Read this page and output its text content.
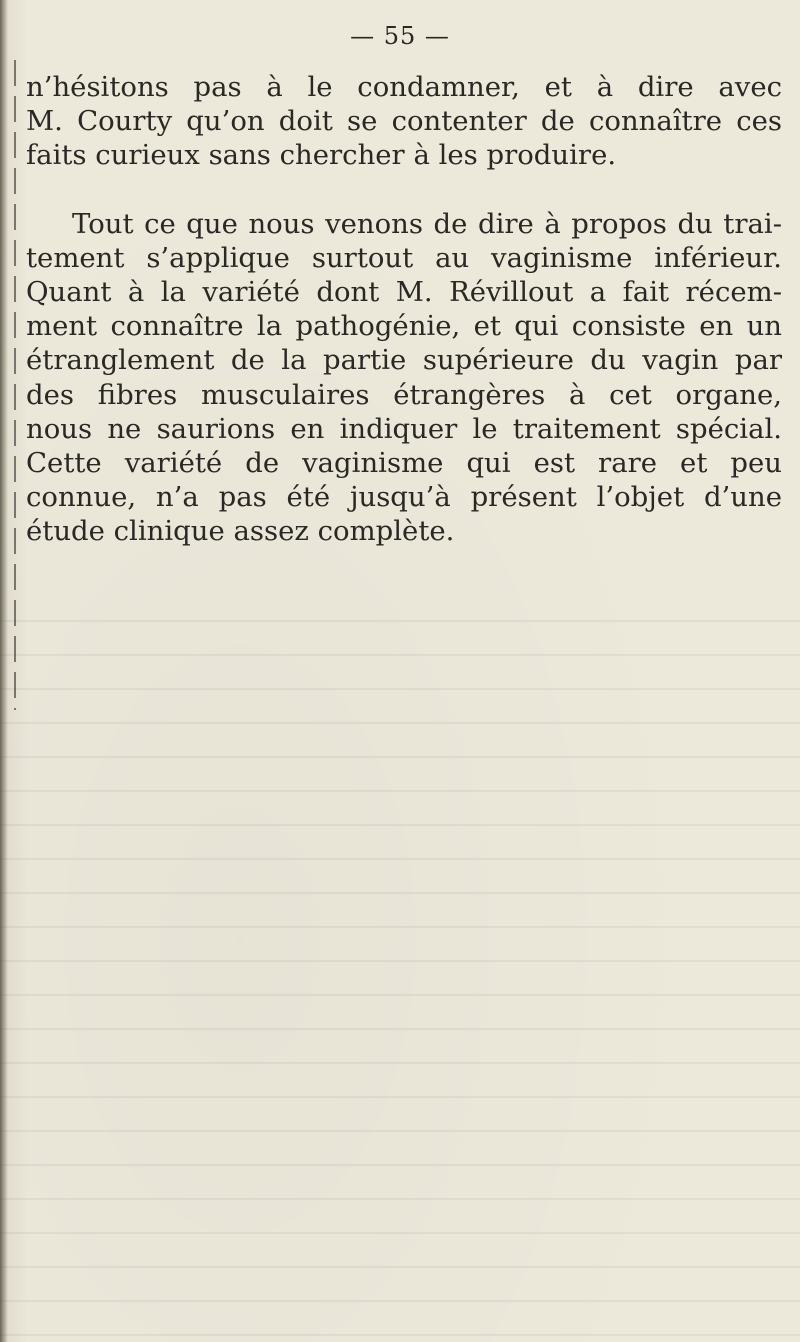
— 55 —
n’hésitons pas à le condamner, et à dire avec
M. Courty qu’on doit se contenter de connaître ces
faits curieux sans chercher à les produire.
Tout ce que nous venons de dire à propos du trai-
tement s’applique surtout au vaginisme inférieur.
Quant à la variété dont M. Révillout a fait récem-
ment connaître la pathogénie, et qui consiste en un
étranglement de la partie supérieure du vagin par
des fibres musculaires étrangères à cet organe,
nous ne saurions en indiquer le traitement spécial.
Cette variété de vaginisme qui est rare et peu
connue, n’a pas été jusqu’à présent l’objet d’une
étude clinique assez complète.
